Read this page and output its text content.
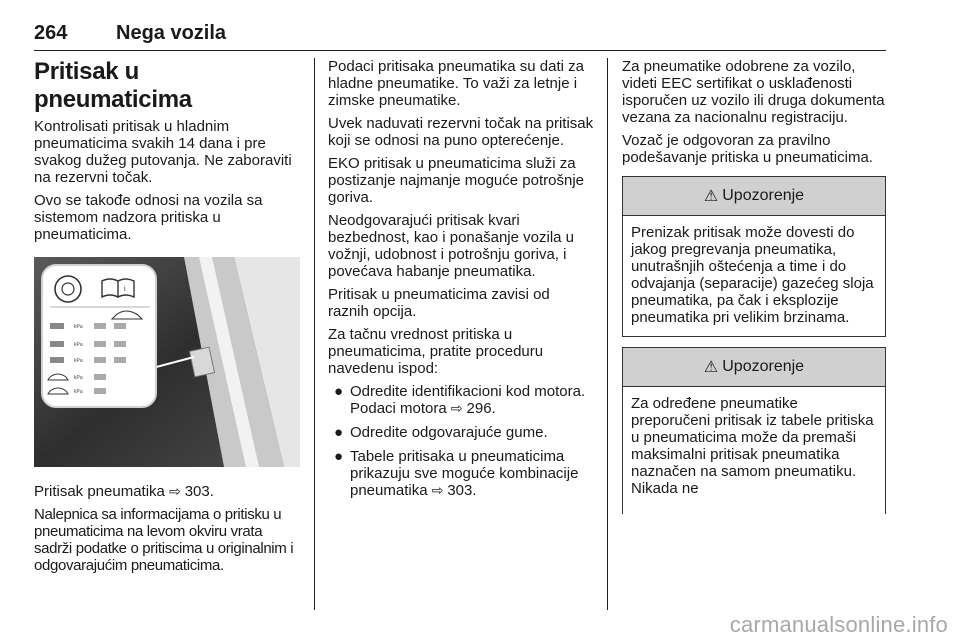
264 Nega vozila
Pritisak u pneumaticima

Kontrolisati pritisak u hladnim pneumaticima svakih 14 dana i pre svakog dužeg putovanja. Ne zaboraviti na rezervni točak.

Ovo se takođe odnosi na vozila sa sistemom nadzora pritiska u pneumaticima.

i
kPa
kPa
kPa
kPa
kPa

Pritisak pneumatika ⇨ 303.

Nalepnica sa informacijama o pritisku u pneumaticima na levom okviru vrata sadrži podatke o pritiscima u originalnim i odgovarajućim pneumaticima.

Podaci pritisaka pneumatika su dati za hladne pneumatike. To važi za letnje i zimske pneumatike.

Uvek naduvati rezervni točak na pritisak koji se odnosi na puno opterećenje.

EKO pritisak u pneumaticima služi za postizanje najmanje moguće potrošnje goriva.

Neodgovarajući pritisak kvari bezbednost, kao i ponašanje vozila u vožnji, udobnost i potrošnju goriva, i povećava habanje pneumatika.

Pritisak u pneumaticima zavisi od raznih opcija.

Za tačnu vrednost pritiska u pneumaticima, pratite proceduru navedenu ispod:

● Odredite identifikacioni kod motora. Podaci motora ⇨ 296.
● Odredite odgovarajuće gume.
● Tabele pritisaka u pneumaticima prikazuju sve moguće kombinacije pneumatika ⇨ 303.

Za pneumatike odobrene za vozilo, videti EEC sertifikat o usklađenosti isporučen uz vozilo ili druga dokumenta vezana za nacionalnu registraciju.

Vozač je odgovoran za pravilno podešavanje pritiska u pneumaticima.

⚠ Upozorenje

Prenizak pritisak može dovesti do jakog pregrevanja pneumatika, unutrašnjih oštećenja a time i do odvajanja (separacije) gazećeg sloja pneumatika, pa čak i eksplozije pneumatika pri velikim brzinama.

⚠ Upozorenje

Za određene pneumatike preporučeni pritisak iz tabele pritiska u pneumaticima može da premaši maksimalni pritisak pneumatika naznačen na samom pneumatiku. Nikada ne

carmanualsonline.info
